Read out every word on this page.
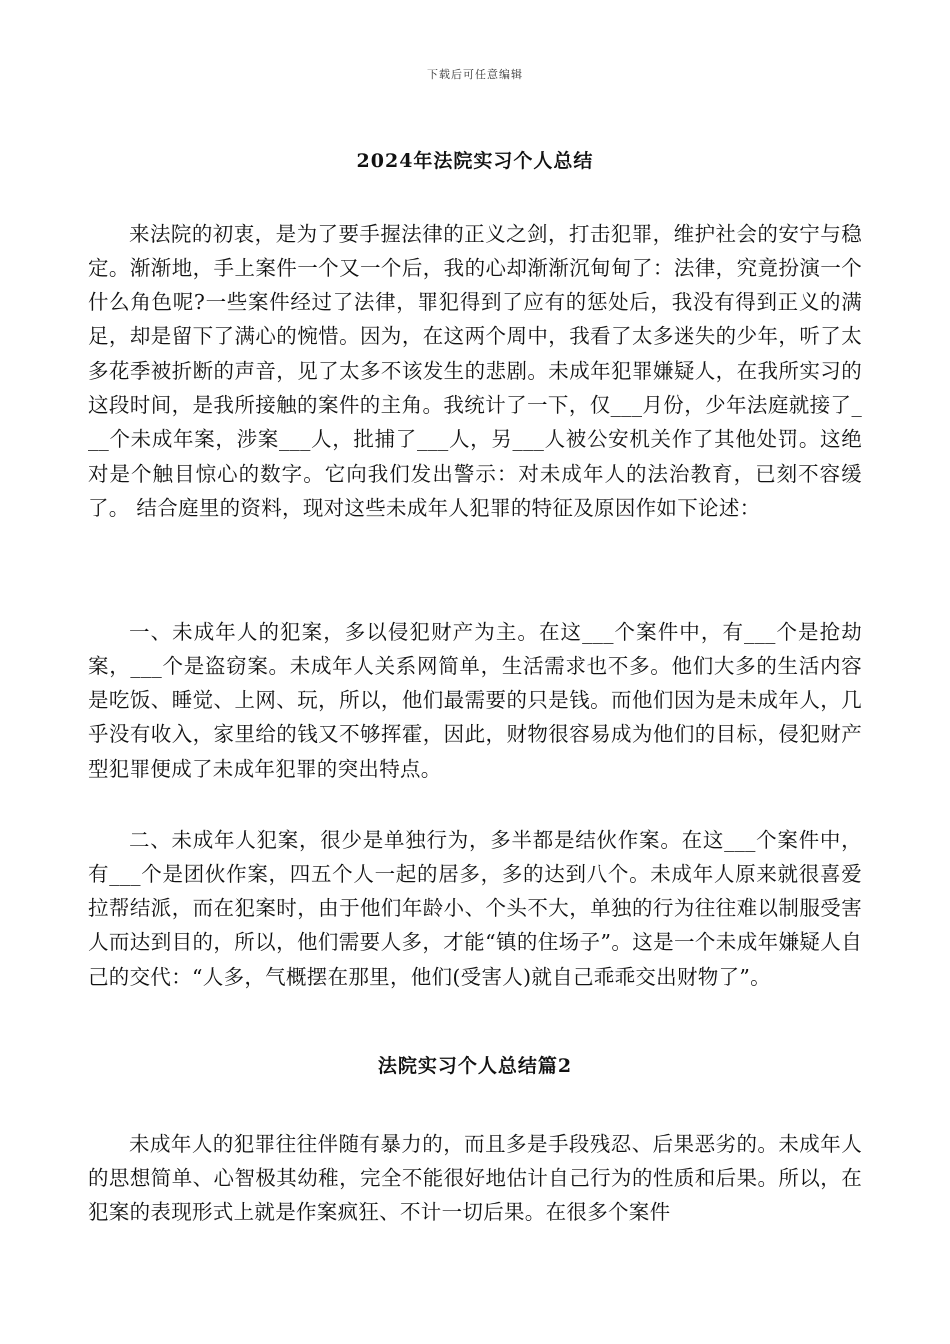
下载后可任意编辑
2024年法院实习个人总结

来法院的初衷，是为了要手握法律的正义之剑，打击犯罪，维护社会的安宁与稳定。渐渐地，手上案件一个又一个后，我的心却渐渐沉甸甸了：法律，究竟扮演一个什么角色呢?一些案件经过了法律，罪犯得到了应有的惩处后，我没有得到正义的满足，却是留下了满心的惋惜。因为，在这两个周中，我看了太多迷失的少年，听了太多花季被折断的声音，见了太多不该发生的悲剧。未成年犯罪嫌疑人，在我所实习的这段时间，是我所接触的案件的主角。我统计了一下，仅___月份，少年法庭就接了___个未成年案，涉案___人，批捕了___人，另___人被公安机关作了其他处罚。这绝对是个触目惊心的数字。它向我们发出警示：对未成年人的法治教育，已刻不容缓了。 结合庭里的资料，现对这些未成年人犯罪的特征及原因作如下论述：

一、未成年人的犯案，多以侵犯财产为主。在这___个案件中，有___个是抢劫案，___个是盗窃案。未成年人关系网简单，生活需求也不多。他们大多的生活内容是吃饭、睡觉、上网、玩，所以，他们最需要的只是钱。而他们因为是未成年人，几乎没有收入，家里给的钱又不够挥霍，因此，财物很容易成为他们的目标，侵犯财产型犯罪便成了未成年犯罪的突出特点。

二、未成年人犯案，很少是单独行为，多半都是结伙作案。在这___个案件中，有___个是团伙作案，四五个人一起的居多，多的达到八个。未成年人原来就很喜爱拉帮结派，而在犯案时，由于他们年龄小、个头不大，单独的行为往往难以制服受害人而达到目的，所以，他们需要人多，才能“镇的住场子”。这是一个未成年嫌疑人自己的交代：“人多，气概摆在那里，他们(受害人)就自己乖乖交出财物了”。

法院实习个人总结篇2

未成年人的犯罪往往伴随有暴力的，而且多是手段残忍、后果恶劣的。未成年人的思想简单、心智极其幼稚，完全不能很好地估计自己行为的性质和后果。所以，在犯案的表现形式上就是作案疯狂、不计一切后果。在很多个案件
